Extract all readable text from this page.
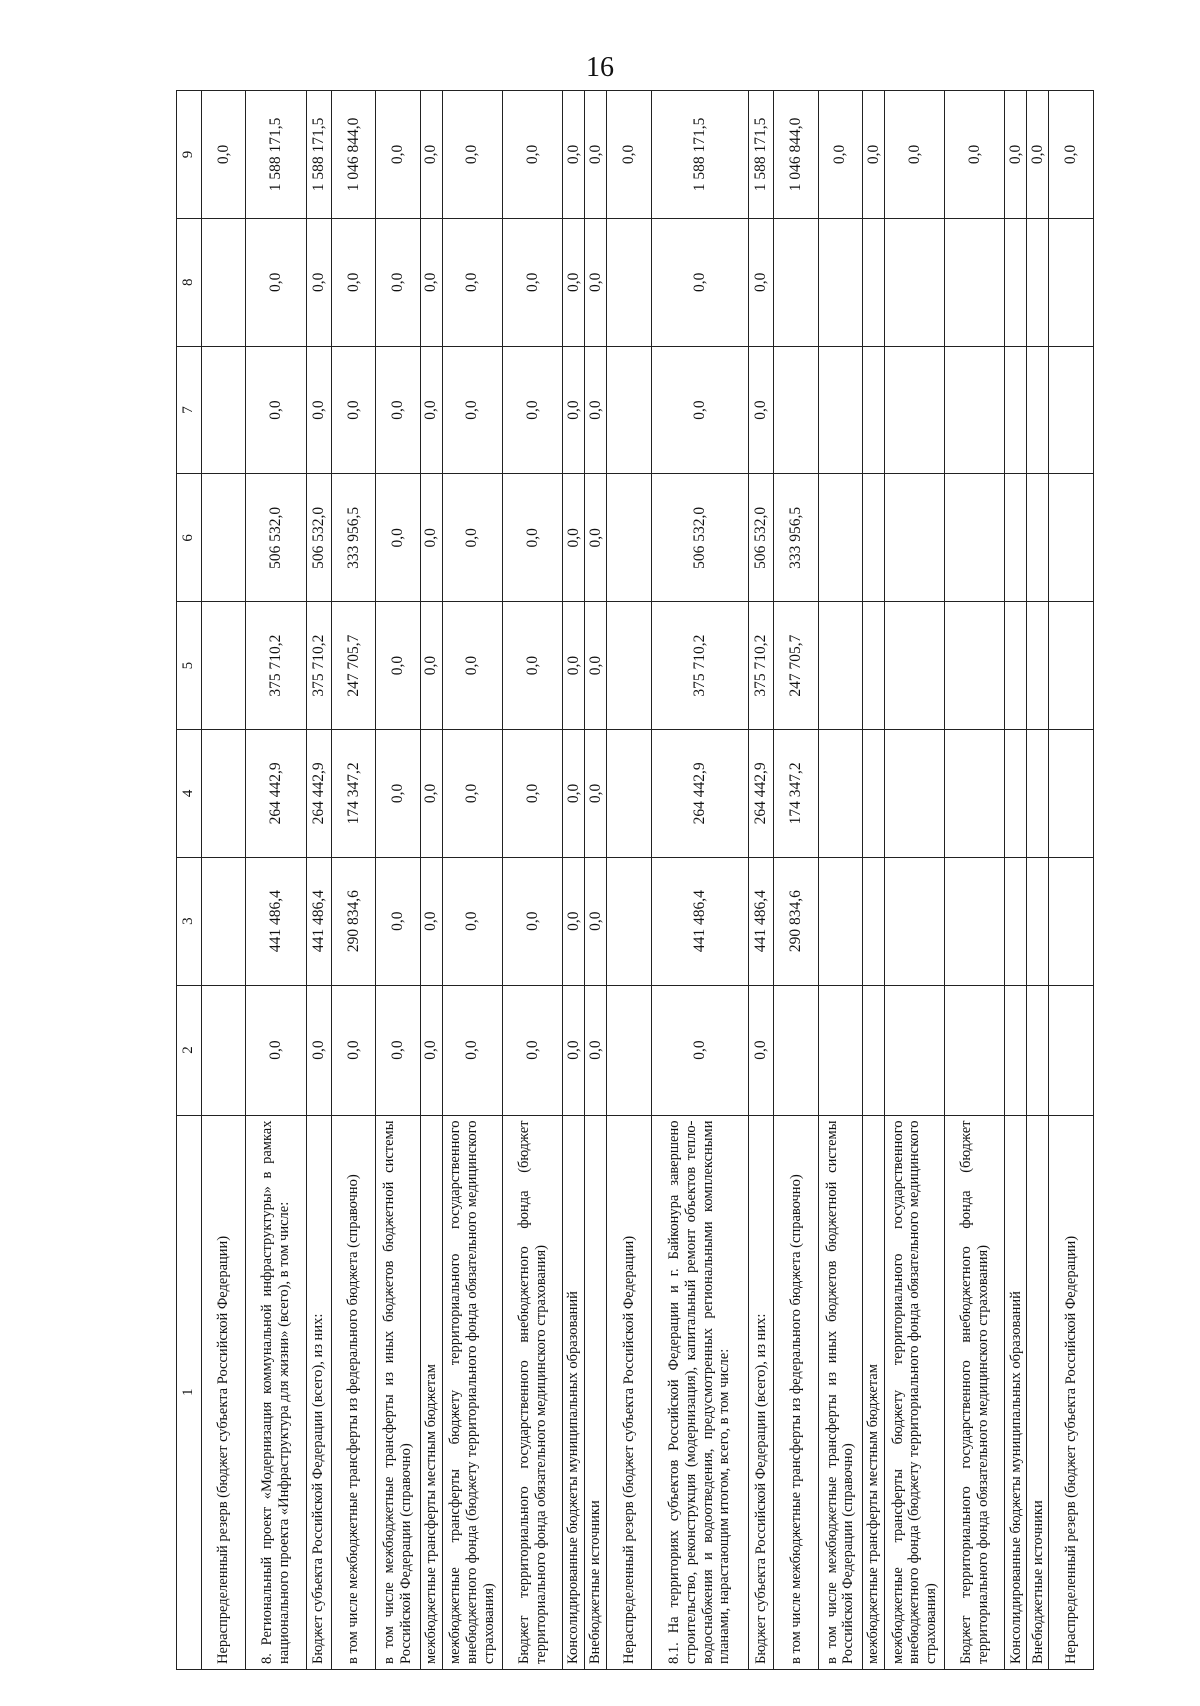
16
1	2	3	4	5	6	7	8	9
Нераспределенный резерв (бюджет субъекта Российской Федерации)								0,0
8. Региональный проект «Модернизация коммунальной инфраструктуры» в рамках национального проекта «Инфраструктура для жизни» (всего), в том числе:	0,0	441 486,4	264 442,9	375 710,2	506 532,0	0,0	0,0	1 588 171,5
Бюджет субъекта Российской Федерации (всего), из них:	0,0	441 486,4	264 442,9	375 710,2	506 532,0	0,0	0,0	1 588 171,5
в том числе межбюджетные трансферты из федерального бюджета (справочно)	0,0	290 834,6	174 347,2	247 705,7	333 956,5	0,0	0,0	1 046 844,0
в том числе межбюджетные трансферты из иных бюджетов бюджетной системы Российской Федерации (справочно)	0,0	0,0	0,0	0,0	0,0	0,0	0,0	0,0
межбюджетные трансферты местным бюджетам	0,0	0,0	0,0	0,0	0,0	0,0	0,0	0,0
межбюджетные трансферты бюджету территориального государственного внебюджетного фонда (бюджету территориального фонда обязательного медицинского страхования)	0,0	0,0	0,0	0,0	0,0	0,0	0,0	0,0
Бюджет территориального государственного внебюджетного фонда (бюджет территориального фонда обязательного медицинского страхования)	0,0	0,0	0,0	0,0	0,0	0,0	0,0	0,0
Консолидированные бюджеты муниципальных образований	0,0	0,0	0,0	0,0	0,0	0,0	0,0	0,0
Внебюджетные источники	0,0	0,0	0,0	0,0	0,0	0,0	0,0	0,0
Нераспределенный резерв (бюджет субъекта Российской Федерации)								0,0
8.1. На территориях субъектов Российской Федерации и г. Байконура завершено строительство, реконструкция (модернизация), капитальный ремонт объектов тепло-водоснабжения и водоотведения, предусмотренных региональными комплексными планами, нарастающим итогом, всего, в том числе:	0,0	441 486,4	264 442,9	375 710,2	506 532,0	0,0	0,0	1 588 171,5
Бюджет субъекта Российской Федерации (всего), из них:	0,0	441 486,4	264 442,9	375 710,2	506 532,0	0,0	0,0	1 588 171,5
в том числе межбюджетные трансферты из федерального бюджета (справочно)		290 834,6	174 347,2	247 705,7	333 956,5			1 046 844,0
в том числе межбюджетные трансферты из иных бюджетов бюджетной системы Российской Федерации (справочно)								0,0
межбюджетные трансферты местным бюджетам								0,0
межбюджетные трансферты бюджету территориального государственного внебюджетного фонда (бюджету территориального фонда обязательного медицинского страхования)								0,0
Бюджет территориального государственного внебюджетного фонда (бюджет территориального фонда обязательного медицинского страхования)								0,0
Консолидированные бюджеты муниципальных образований								0,0
Внебюджетные источники								0,0
Нераспределенный резерв (бюджет субъекта Российской Федерации)								0,0
